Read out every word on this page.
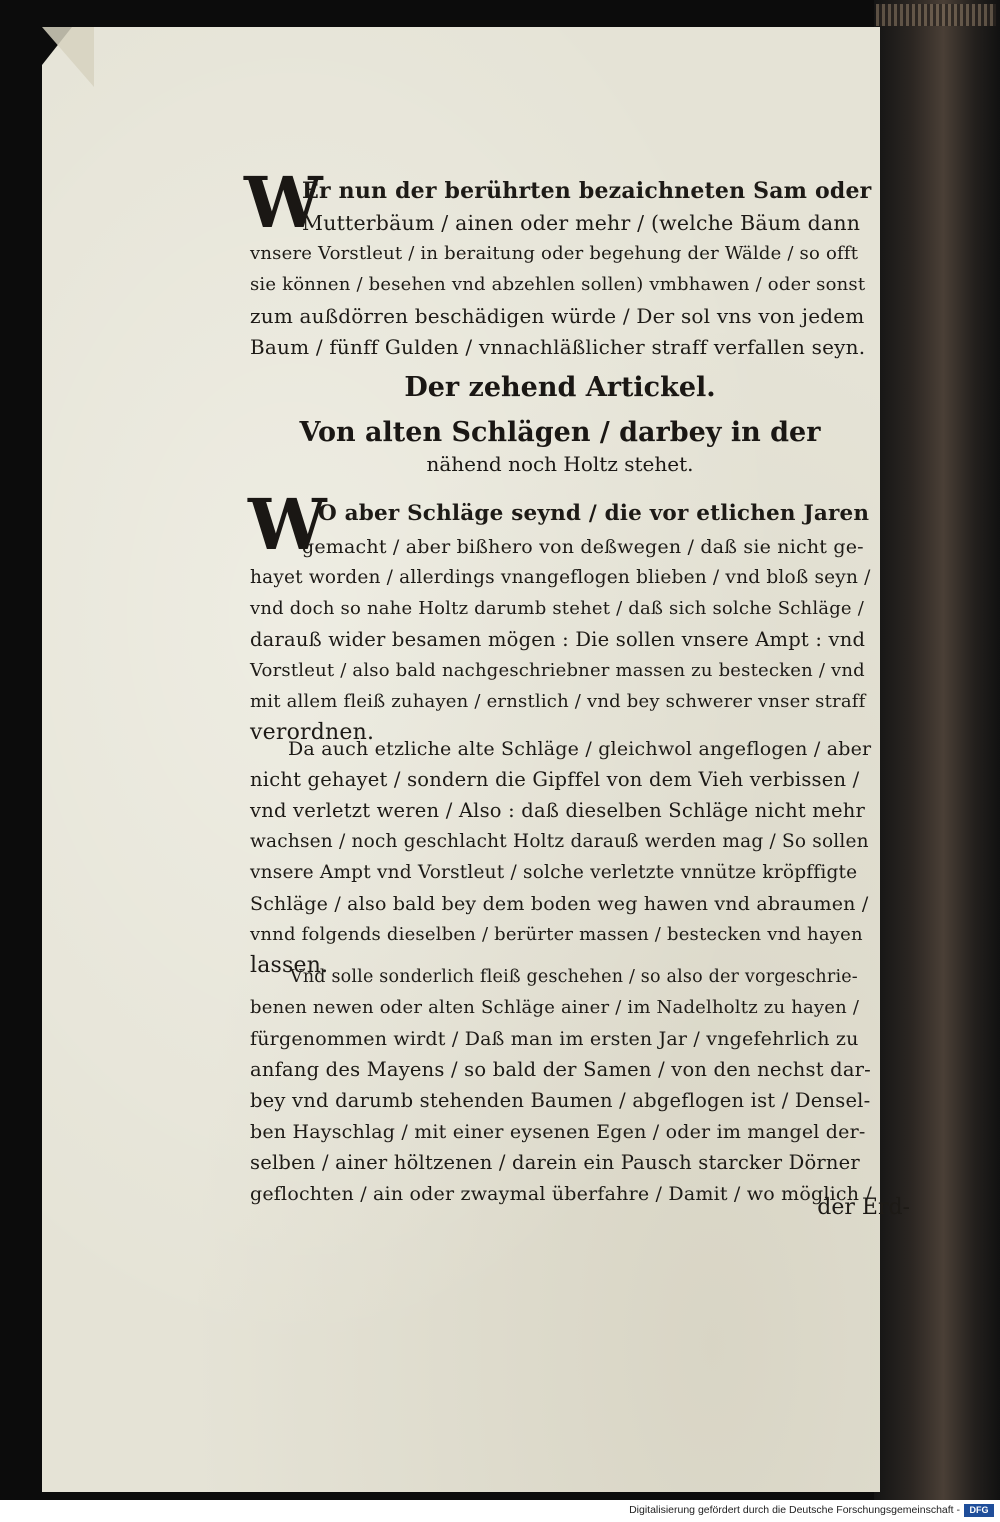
W
Er nun der berührten bezaichneten Sam oder
Mutterbäum / ainen oder mehr / (welche Bäum dann
vnsere Vorstleut / in beraitung oder begehung der Wälde / so offt
sie können / besehen vnd abzehlen sollen) vmbhawen / oder sonst
zum außdörren beschädigen würde / Der sol vns von jedem
Baum / fünff Gulden / vnnachläßlicher straff verfallen seyn.
Der zehend Artickel.
Von alten Schlägen / darbey in der
nähend noch Holtz stehet.
W
O aber Schläge seynd / die vor etlichen Jaren
gemacht / aber bißhero von deßwegen / daß sie nicht ge-
hayet worden / allerdings vnangeflogen blieben / vnd bloß seyn /
vnd doch so nahe Holtz darumb stehet / daß sich solche Schläge /
darauß wider besamen mögen : Die sollen vnsere Ampt : vnd
Vorstleut / also bald nachgeschriebner massen zu bestecken / vnd
mit allem fleiß zuhayen / ernstlich / vnd bey schwerer vnser straff
verordnen.
Da auch etzliche alte Schläge / gleichwol angeflogen / aber
nicht gehayet / sondern die Gipffel von dem Vieh verbissen /
vnd verletzt weren / Also : daß dieselben Schläge nicht mehr
wachsen / noch geschlacht Holtz darauß werden mag / So sollen
vnsere Ampt vnd Vorstleut / solche verletzte vnnütze kröpffigte
Schläge / also bald bey dem boden weg hawen vnd abraumen /
vnnd folgends dieselben / berürter massen / bestecken vnd hayen
lassen.
Vnd solle sonderlich fleiß geschehen / so also der vorgeschrie-
benen newen oder alten Schläge ainer / im Nadelholtz zu hayen /
fürgenommen wirdt / Daß man im ersten Jar / vngefehrlich zu
anfang des Mayens / so bald der Samen / von den nechst dar-
bey vnd darumb stehenden Baumen / abgeflogen ist / Densel-
ben Hayschlag / mit einer eysenen Egen / oder im mangel der-
selben / ainer höltzenen / darein ein Pausch starcker Dörner
geflochten / ain oder zwaymal überfahre / Damit / wo möglich /
der Erd-
Digitalisierung gefördert durch die Deutsche Forschungsgemeinschaft -	DFG
